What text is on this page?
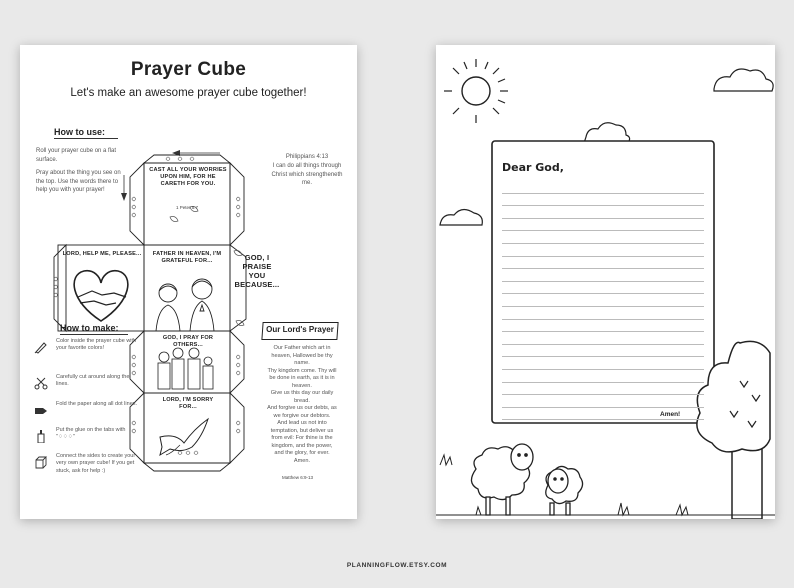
Prayer Cube
Let's make an awesome prayer cube together!
How to use:
Roll your prayer cube on a flat surface.
Pray about the thing you see on the top. Use the words there to help you with your prayer!
Philippians 4:13
I can do all things through Christ which strengtheneth me.
CAST ALL YOUR WORRIES UPON HIM, FOR HE CARETH FOR YOU.
1 Peter 5:7
LORD, HELP ME, PLEASE...	FATHER IN HEAVEN, I'M GRATEFUL FOR...	GOD, I PRAISE YOU BECAUSE...
GOD, I PRAY FOR OTHERS...
LORD, I'M SORRY FOR...
How to make:
Color inside the prayer cube with your favorite colors!
Carefully cut around along the lines.
Fold the paper along all dot lines.
Put the glue on the tabs with "♢♢♢"
Connect the sides to create your very own prayer cube! If you get stuck, ask for help :)
Our Lord's Prayer
Our Father which art in
heaven, Hallowed be thy
name.
Thy kingdom come. Thy will
be done in earth, as it is in
heaven.
Give us this day our daily
bread.
And forgive us our debts, as
we forgive our debtors.
And lead us not into
temptation, but deliver us
from evil: For thine is the
kingdom, and the power,
and the glory, for ever.
Amen.
Matthew 6:9-13
Dear God,
Amen!
PLANNINGFLOW.ETSY.COM
